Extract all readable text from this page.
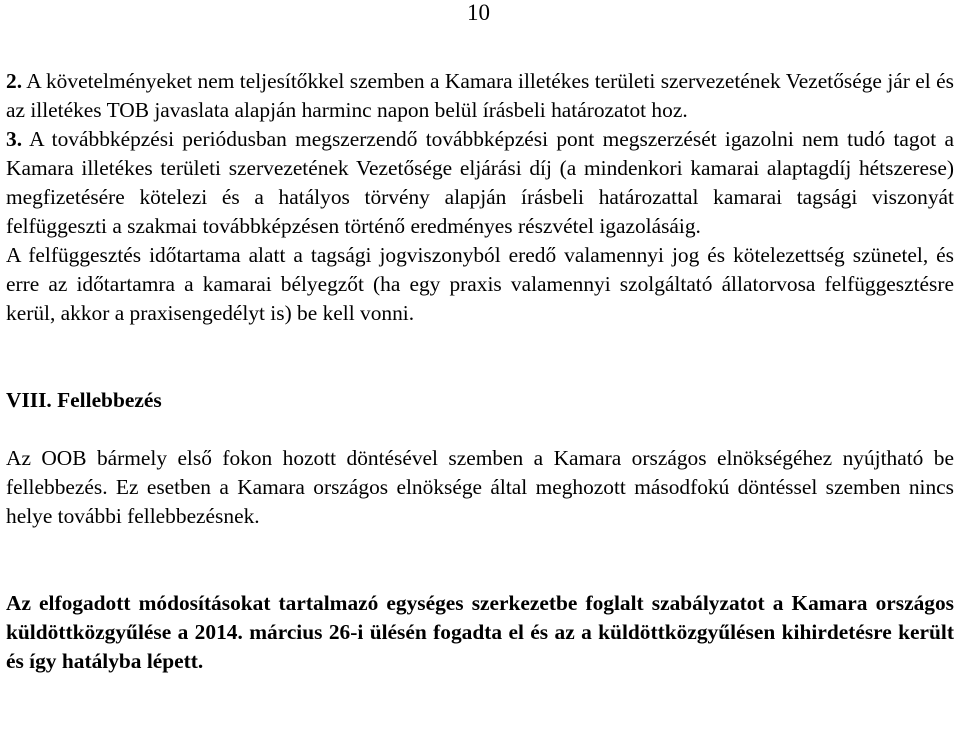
10

2. A követelményeket nem teljesítőkkel szemben a Kamara illetékes területi szervezetének Vezetősége jár el és az illetékes TOB javaslata alapján harminc napon belül írásbeli határozatot hoz.

3. A továbbképzési periódusban megszerzendő továbbképzési pont megszerzését igazolni nem tudó tagot a Kamara illetékes területi szervezetének Vezetősége eljárási díj (a mindenkori kamarai alaptagdíj hétszerese) megfizetésére kötelezi és a hatályos törvény alapján írásbeli határozattal kamarai tagsági viszonyát felfüggeszti a szakmai továbbképzésen történő eredményes részvétel igazolásáig.

A felfüggesztés időtartama alatt a tagsági jogviszonyból eredő valamennyi jog és kötelezettség szünetel, és erre az időtartamra a kamarai bélyegzőt (ha egy praxis valamennyi szolgáltató állatorvosa felfüggesztésre kerül, akkor a praxisengedélyt is) be kell vonni.

VIII. Fellebbezés

Az OOB bármely első fokon hozott döntésével szemben a Kamara országos elnökségéhez nyújtható be fellebbezés. Ez esetben a Kamara országos elnöksége által meghozott másodfokú döntéssel szemben nincs helye további fellebbezésnek.

Az elfogadott módosításokat tartalmazó egységes szerkezetbe foglalt szabályzatot a Kamara országos küldöttközgyűlése a 2014. március 26-i ülésén fogadta el és az a küldöttközgyűlésen kihirdetésre került és így hatályba lépett.
